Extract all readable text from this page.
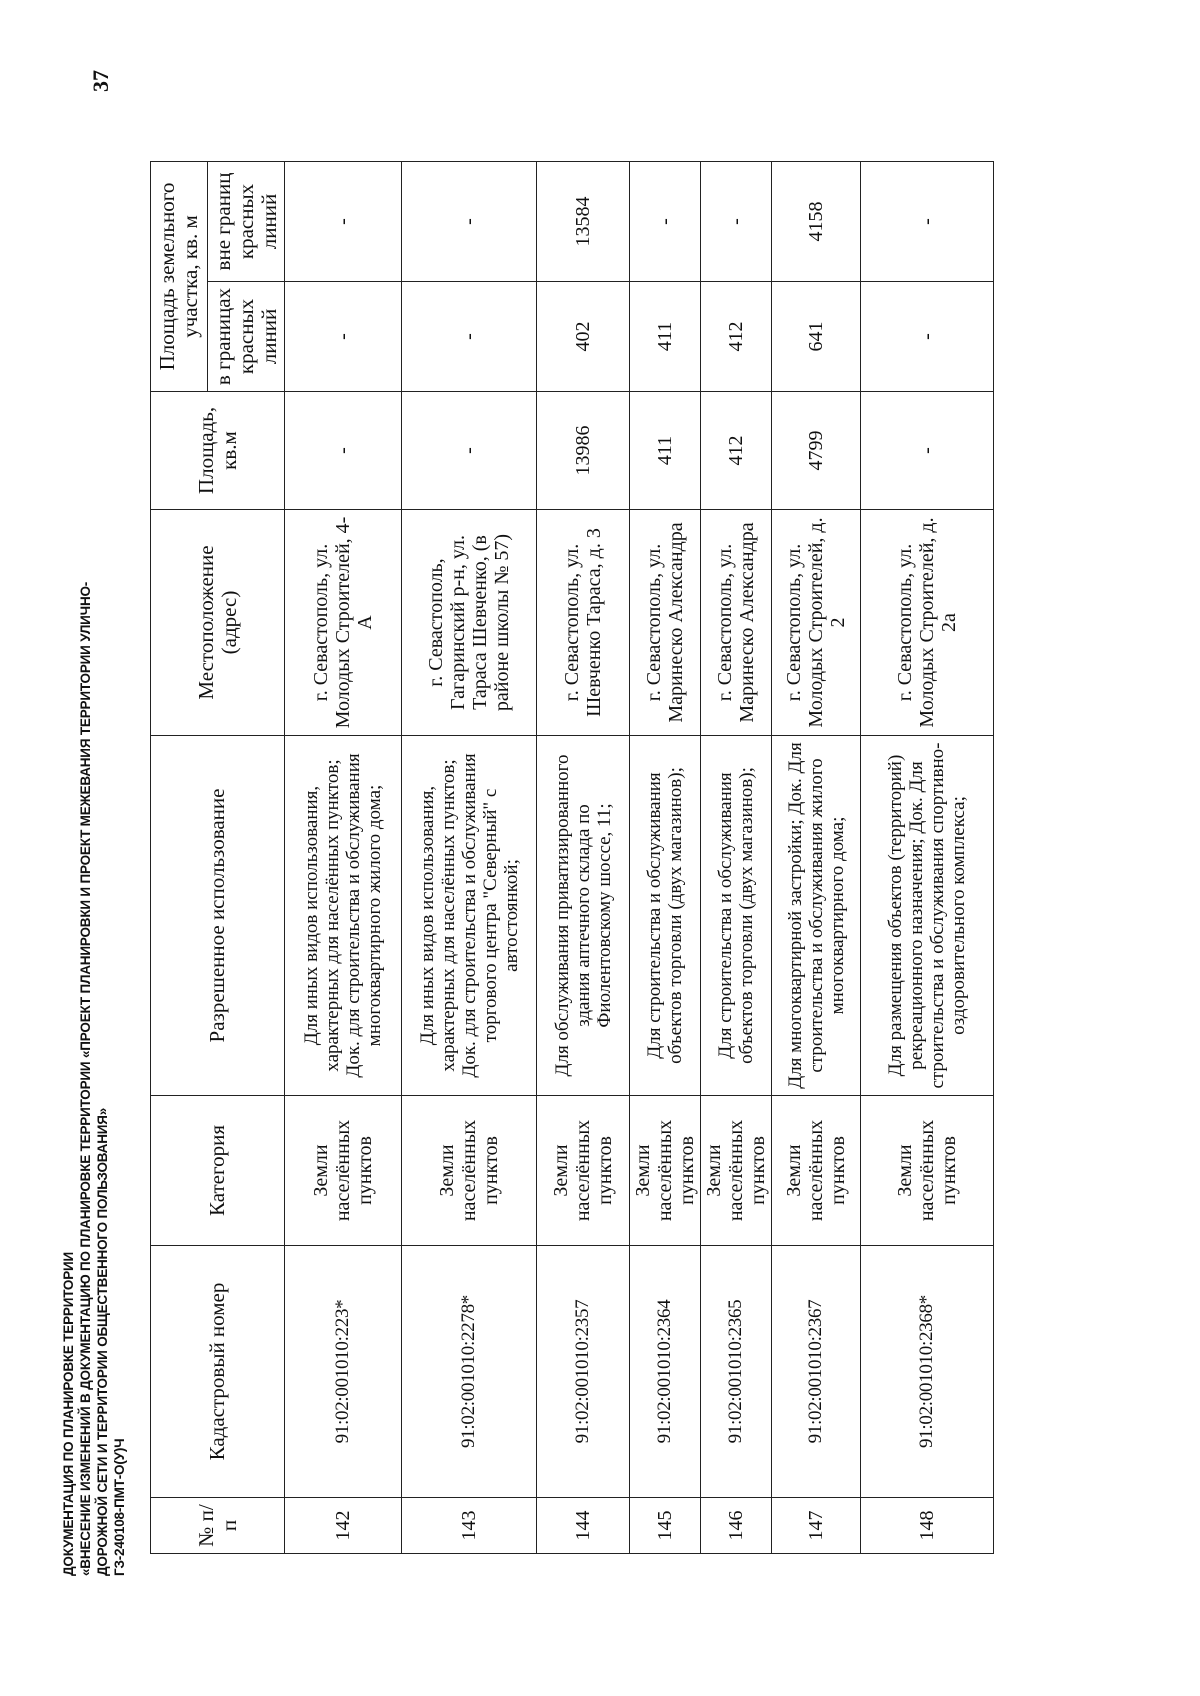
ДОКУМЕНТАЦИЯ ПО ПЛАНИРОВКЕ ТЕРРИТОРИИ «ВНЕСЕНИЕ ИЗМЕНЕНИЙ В ДОКУМЕНТАЦИЮ ПО ПЛАНИРОВКЕ ТЕРРИТОРИИ «ПРОЕКТ ПЛАНИРОВКИ И ПРОЕКТ МЕЖЕВАНИЯ ТЕРРИТОРИИ УЛИЧНО- ДОРОЖНОЙ СЕТИ И ТЕРРИТОРИИ ОБЩЕСТВЕННОГО ПОЛЬЗОВАНИЯ» ГЗ-240108-ПМТ-О(У)Ч
37
№ п/п	Кадастровый номер	Категория	Разрешенное использование	Местоположение (адрес)	Площадь, кв.м	Площадь земельного участка, кв. м	
						в границах красных линий	вне границ красных линий
142	91:02:001010:223*	Земли населённых пунктов	Для иных видов использования, характерных для населённых пунктов; Док. для строительства и обслуживания многоквартирного жилого дома;	г. Севастополь, ул. Молодых Строителей, 4-А	-	-	-
143	91:02:001010:2278*	Земли населённых пунктов	Для иных видов использования, характерных для населённых пунктов; Док. для строительства и обслуживания торгового центра "Северный" с автостоянкой;	г. Севастополь, Гагаринский р-н, ул. Тараса Шевченко, (в районе школы № 57)	-	-	-
144	91:02:001010:2357	Земли населённых пунктов	Для обслуживания приватизированного здания аптечного склада по Фиолентовскому шоссе, 11;	г. Севастополь, ул. Шевченко Тараса, д. 3	13986	402	13584
145	91:02:001010:2364	Земли населённых пунктов	Для строительства и обслуживания объектов торговли (двух магазинов);	г. Севастополь, ул. Маринеско Александра	411	411	-
146	91:02:001010:2365	Земли населённых пунктов	Для строительства и обслуживания объектов торговли (двух магазинов);	г. Севастополь, ул. Маринеско Александра	412	412	-
147	91:02:001010:2367	Земли населённых пунктов	Для многоквартирной застройки; Док. Для строительства и обслуживания жилого многоквартирного дома;	г. Севастополь, ул. Молодых Строителей, д. 2	4799	641	4158
148	91:02:001010:2368*	Земли населённых пунктов	Для размещения объектов (территорий) рекреационного назначения; Док. Для строительства и обслуживания спортивно-оздоровительного комплекса;	г. Севастополь, ул. Молодых Строителей, д. 2а	-	-	-
